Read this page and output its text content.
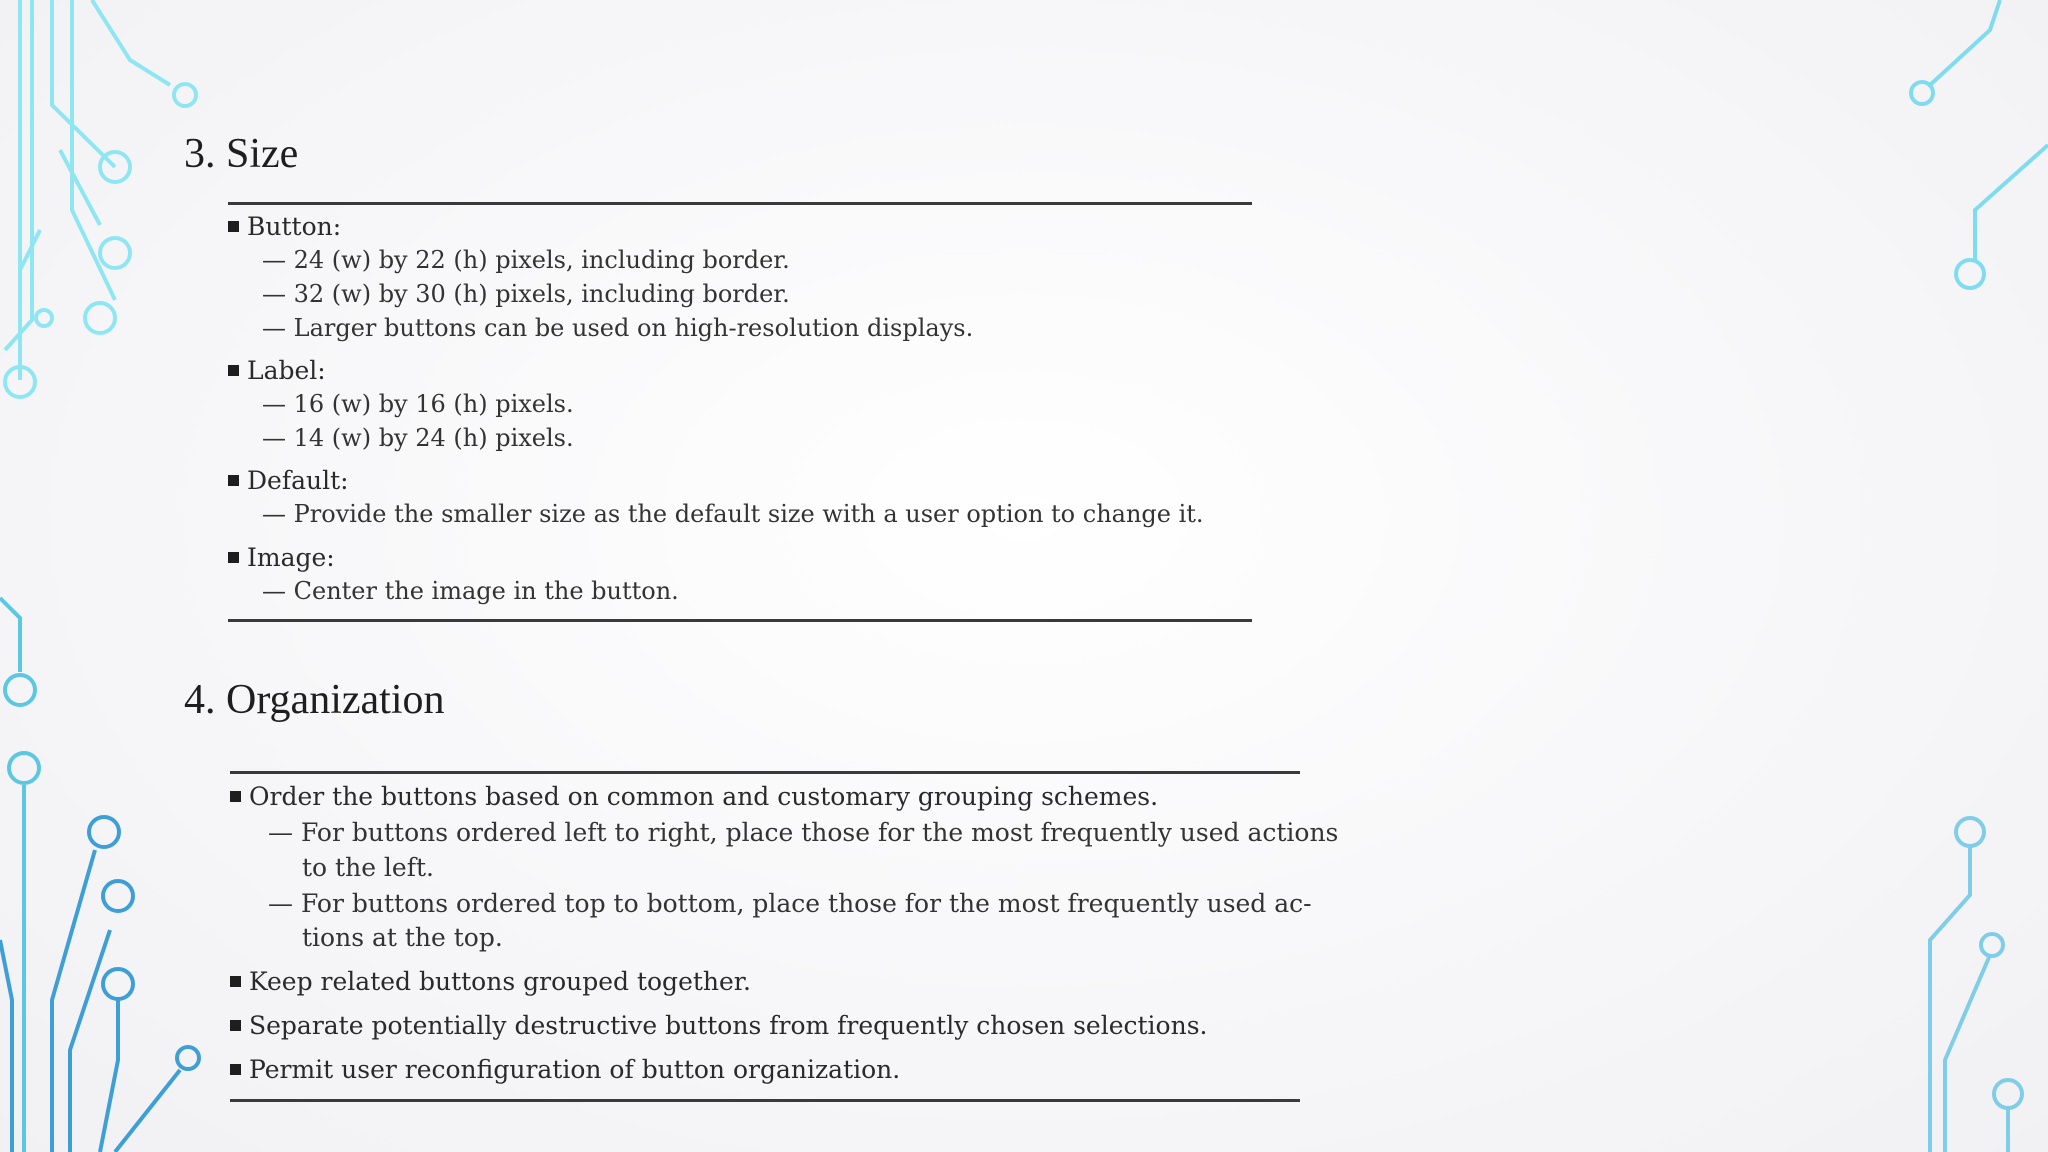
3. Size
Button:
— 24 (w) by 22 (h) pixels, including border.
— 32 (w) by 30 (h) pixels, including border.
— Larger buttons can be used on high-resolution displays.
Label:
— 16 (w) by 16 (h) pixels.
— 14 (w) by 24 (h) pixels.
Default:
— Provide the smaller size as the default size with a user option to change it.
Image:
— Center the image in the button.
4. Organization
Order the buttons based on common and customary grouping schemes.
— For buttons ordered left to right, place those for the most frequently used actions
to the left.
— For buttons ordered top to bottom, place those for the most frequently used ac-
tions at the top.
Keep related buttons grouped together.
Separate potentially destructive buttons from frequently chosen selections.
Permit user reconfiguration of button organization.
